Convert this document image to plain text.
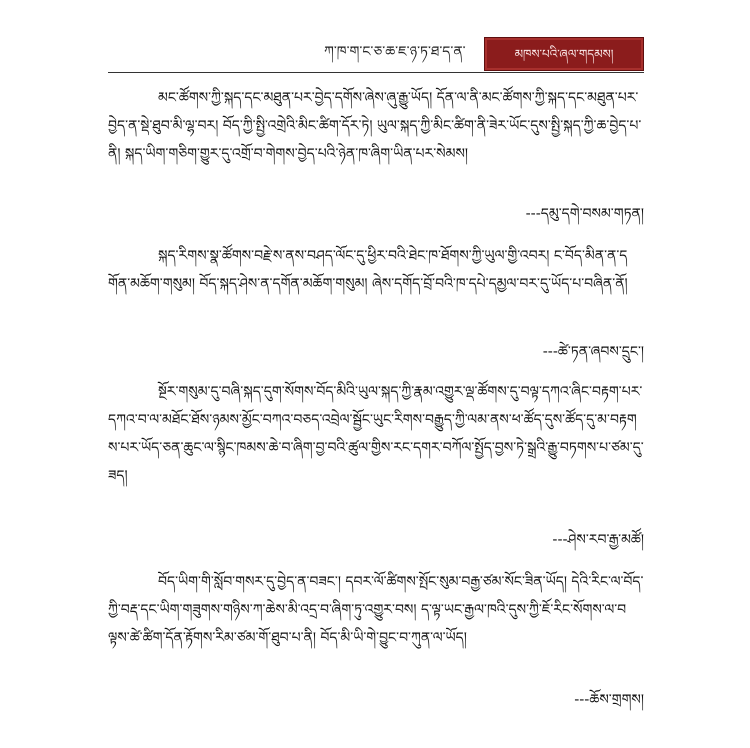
ཀ་ཁ་ག་ང་ཅ་ཆ་ཇ་ཉ་ཏ་ཐ་ད་ན་	མཁས་པའི་ཞལ་གདམས།

མང་ཚོགས་ཀྱི་སྐད་དང་མཐུན་པར་བྱེད་དགོས་ཞེས་ཞུ་རྒྱུ་ཡོད། དོན་ལ་ནི་མང་ཚོགས་ཀྱི་སྐད་དང་མཐུན་པར་བྱེད་ན་སྡེ་ཐུབ་མི་ལྷ་བར། བོད་ཀྱི་སྤྱི་འགྲེའི་མིང་ཚིག་དོར་ཏེ། ཡུལ་སྐད་ཀྱི་མིང་ཚིག་ནི་ཟེར་ཡོང་དུས་སྤྱི་སྐད་ཀྱི་ཆ་བྱེད་པ་ནི། སྐད་ཡིག་གཅིག་གྱུར་དུ་འགྲོ་བ་གེགས་བྱེད་པའི་ཉེན་ཁ་ཞིག་ཡིན་པར་སེམས།

---དམུ་དགེ་བསམ་གཏན།

སྐད་རིགས་སྣ་ཚོགས་བརྗེ་ས་ནས་བཤད་ལོང་དུ་ཕྱིར་བའི་ཐེང་ཁ་ཐོགས་ཀྱི་ཡུལ་གྱི་འབར། ང་བོད་མིན་ན་དགོན་མཆོག་གསུམ། བོད་སྐད་ཤེས་ན་དགོན་མཆོག་གསུམ། ཞེས་དགོད་བྲོ་བའི་ཁ་དཔེ་དམྱལ་བར་དུ་ཡོད་པ་བཞིན་ནོ།

---ཚེ་ཏན་ཞབས་དྲུང་།

སྔོར་གསུམ་དུ་བཞི་སྐད་དུག་སོགས་བོད་མིའི་ཡུལ་སྐད་ཀྱི་རྣམ་འགྱུར་ལྡ་ཚོགས་དུ་བལྟ་དཀའ་ཞིང་བརྟག་པར་དཀའ་བ་ལ་མཐོང་ཐོས་ཉམས་མྱོང་བཀའ་བཅད་འབྲེལ་སྦྱོང་ཡུང་རིགས་བརྒྱུད་ཀྱི་ལམ་ནས་ཕ་ཚོད་དུས་ཚོད་དུ་མ་བརྟགས་པར་ཡོད་ཅན་ཆུང་ལ་སྙིང་ཁམས་ཆེ་བ་ཞིག་བྱ་བའི་ཚུལ་གྱིས་རང་དགར་བཀོལ་སྤྱོད་བྱས་ཏེ་སྒྲའི་རྒྱུ་བཏགས་པ་ཙམ་དུ་ཟད།

---ཤེས་རབ་རྒྱ་མཚོ།

བོད་ཡིག་གི་སློབ་གསར་དུ་བྱེད་ན་བཟང་། དབར་ལོ་ཚིགས་སྤོང་སུམ་བརྒྱ་ཙམ་སོང་ཟིན་ཡོད། དེའི་རིང་ལ་བོད་ཀྱི་བརྡ་དང་ཡིག་གཟུགས་གཉིས་ཀ་ཆེས་མི་འདྲ་བ་ཞིག་ཏུ་འགྱུར་བས། ད་ལྟ་ཡང་རྒྱལ་ཁའི་དུས་ཀྱི་ཇོ་རིང་སོགས་ལ་བལྟས་ཚེ་ཚིག་དོན་རྟོགས་རིམ་ཙམ་གོ་ཐུབ་པ་ནི། བོད་མི་ཡི་གེ་བྱུང་བ་ཀུན་ལ་ཡོད།

---ཆོས་གྲགས།
